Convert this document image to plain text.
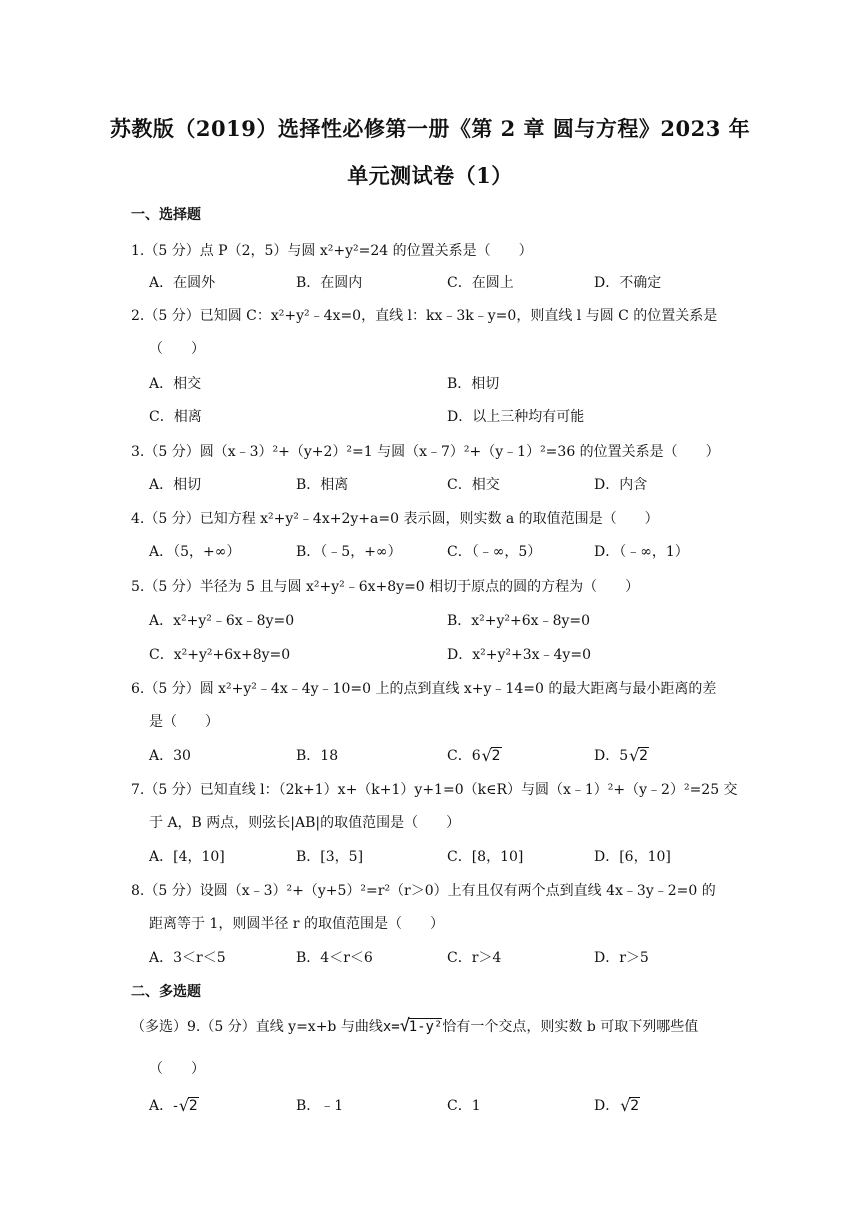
苏教版（2019）选择性必修第一册《第 2 章 圆与方程》2023 年
单元测试卷（1）
一、选择题
1.（5 分）点 P（2，5）与圆 x²+y²=24 的位置关系是（　　）
A．在圆外	B．在圆内	C．在圆上	D．不确定
2.（5 分）已知圆 C：x²+y²﹣4x=0，直线 l：kx﹣3k﹣y=0，则直线 l 与圆 C 的位置关系是
（　　）
A．相交	B．相切
C．相离	D．以上三种均有可能
3.（5 分）圆（x﹣3）²+（y+2）²=1 与圆（x﹣7）²+（y﹣1）²=36 的位置关系是（　　）
A．相切	B．相离	C．相交	D．内含
4.（5 分）已知方程 x²+y²﹣4x+2y+a=0 表示圆，则实数 a 的取值范围是（　　）
A．（5，+∞）	B．（﹣5，+∞）	C．（﹣∞，5）	D．（﹣∞，1）
5.（5 分）半径为 5 且与圆 x²+y²﹣6x+8y=0 相切于原点的圆的方程为（　　）
A．x²+y²﹣6x﹣8y=0	B．x²+y²+6x﹣8y=0
C．x²+y²+6x+8y=0	D．x²+y²+3x﹣4y=0
6.（5 分）圆 x²+y²﹣4x﹣4y﹣10=0 上的点到直线 x+y﹣14=0 的最大距离与最小距离的差
是（　　）
A．30	B．18	C．6 √ 2	D．5 √ 2
7.（5 分）已知直线 l：（2k+1）x+（k+1）y+1=0（k∈R）与圆（x﹣1）²+（y﹣2）²=25 交
于 A，B 两点，则弦长|AB|的取值范围是（　　）
A．[4，10]	B．[3，5]	C．[8，10]	D．[6，10]
8.（5 分）设圆（x﹣3）²+（y+5）²=r²（r＞0）上有且仅有两个点到直线 4x﹣3y﹣2=0 的
距离等于 1，则圆半径 r 的取值范围是（　　）
A．3＜r＜5	B．4＜r＜6	C．r＞4	D．r＞5
二、多选题
（多选）9.（5 分）直线 y=x+b 与曲线x= √
1-y²恰有一个交点，则实数 b 可取下列哪些值
（　　）
A．- √ 2	B．﹣1	C．1	D． √ 2
